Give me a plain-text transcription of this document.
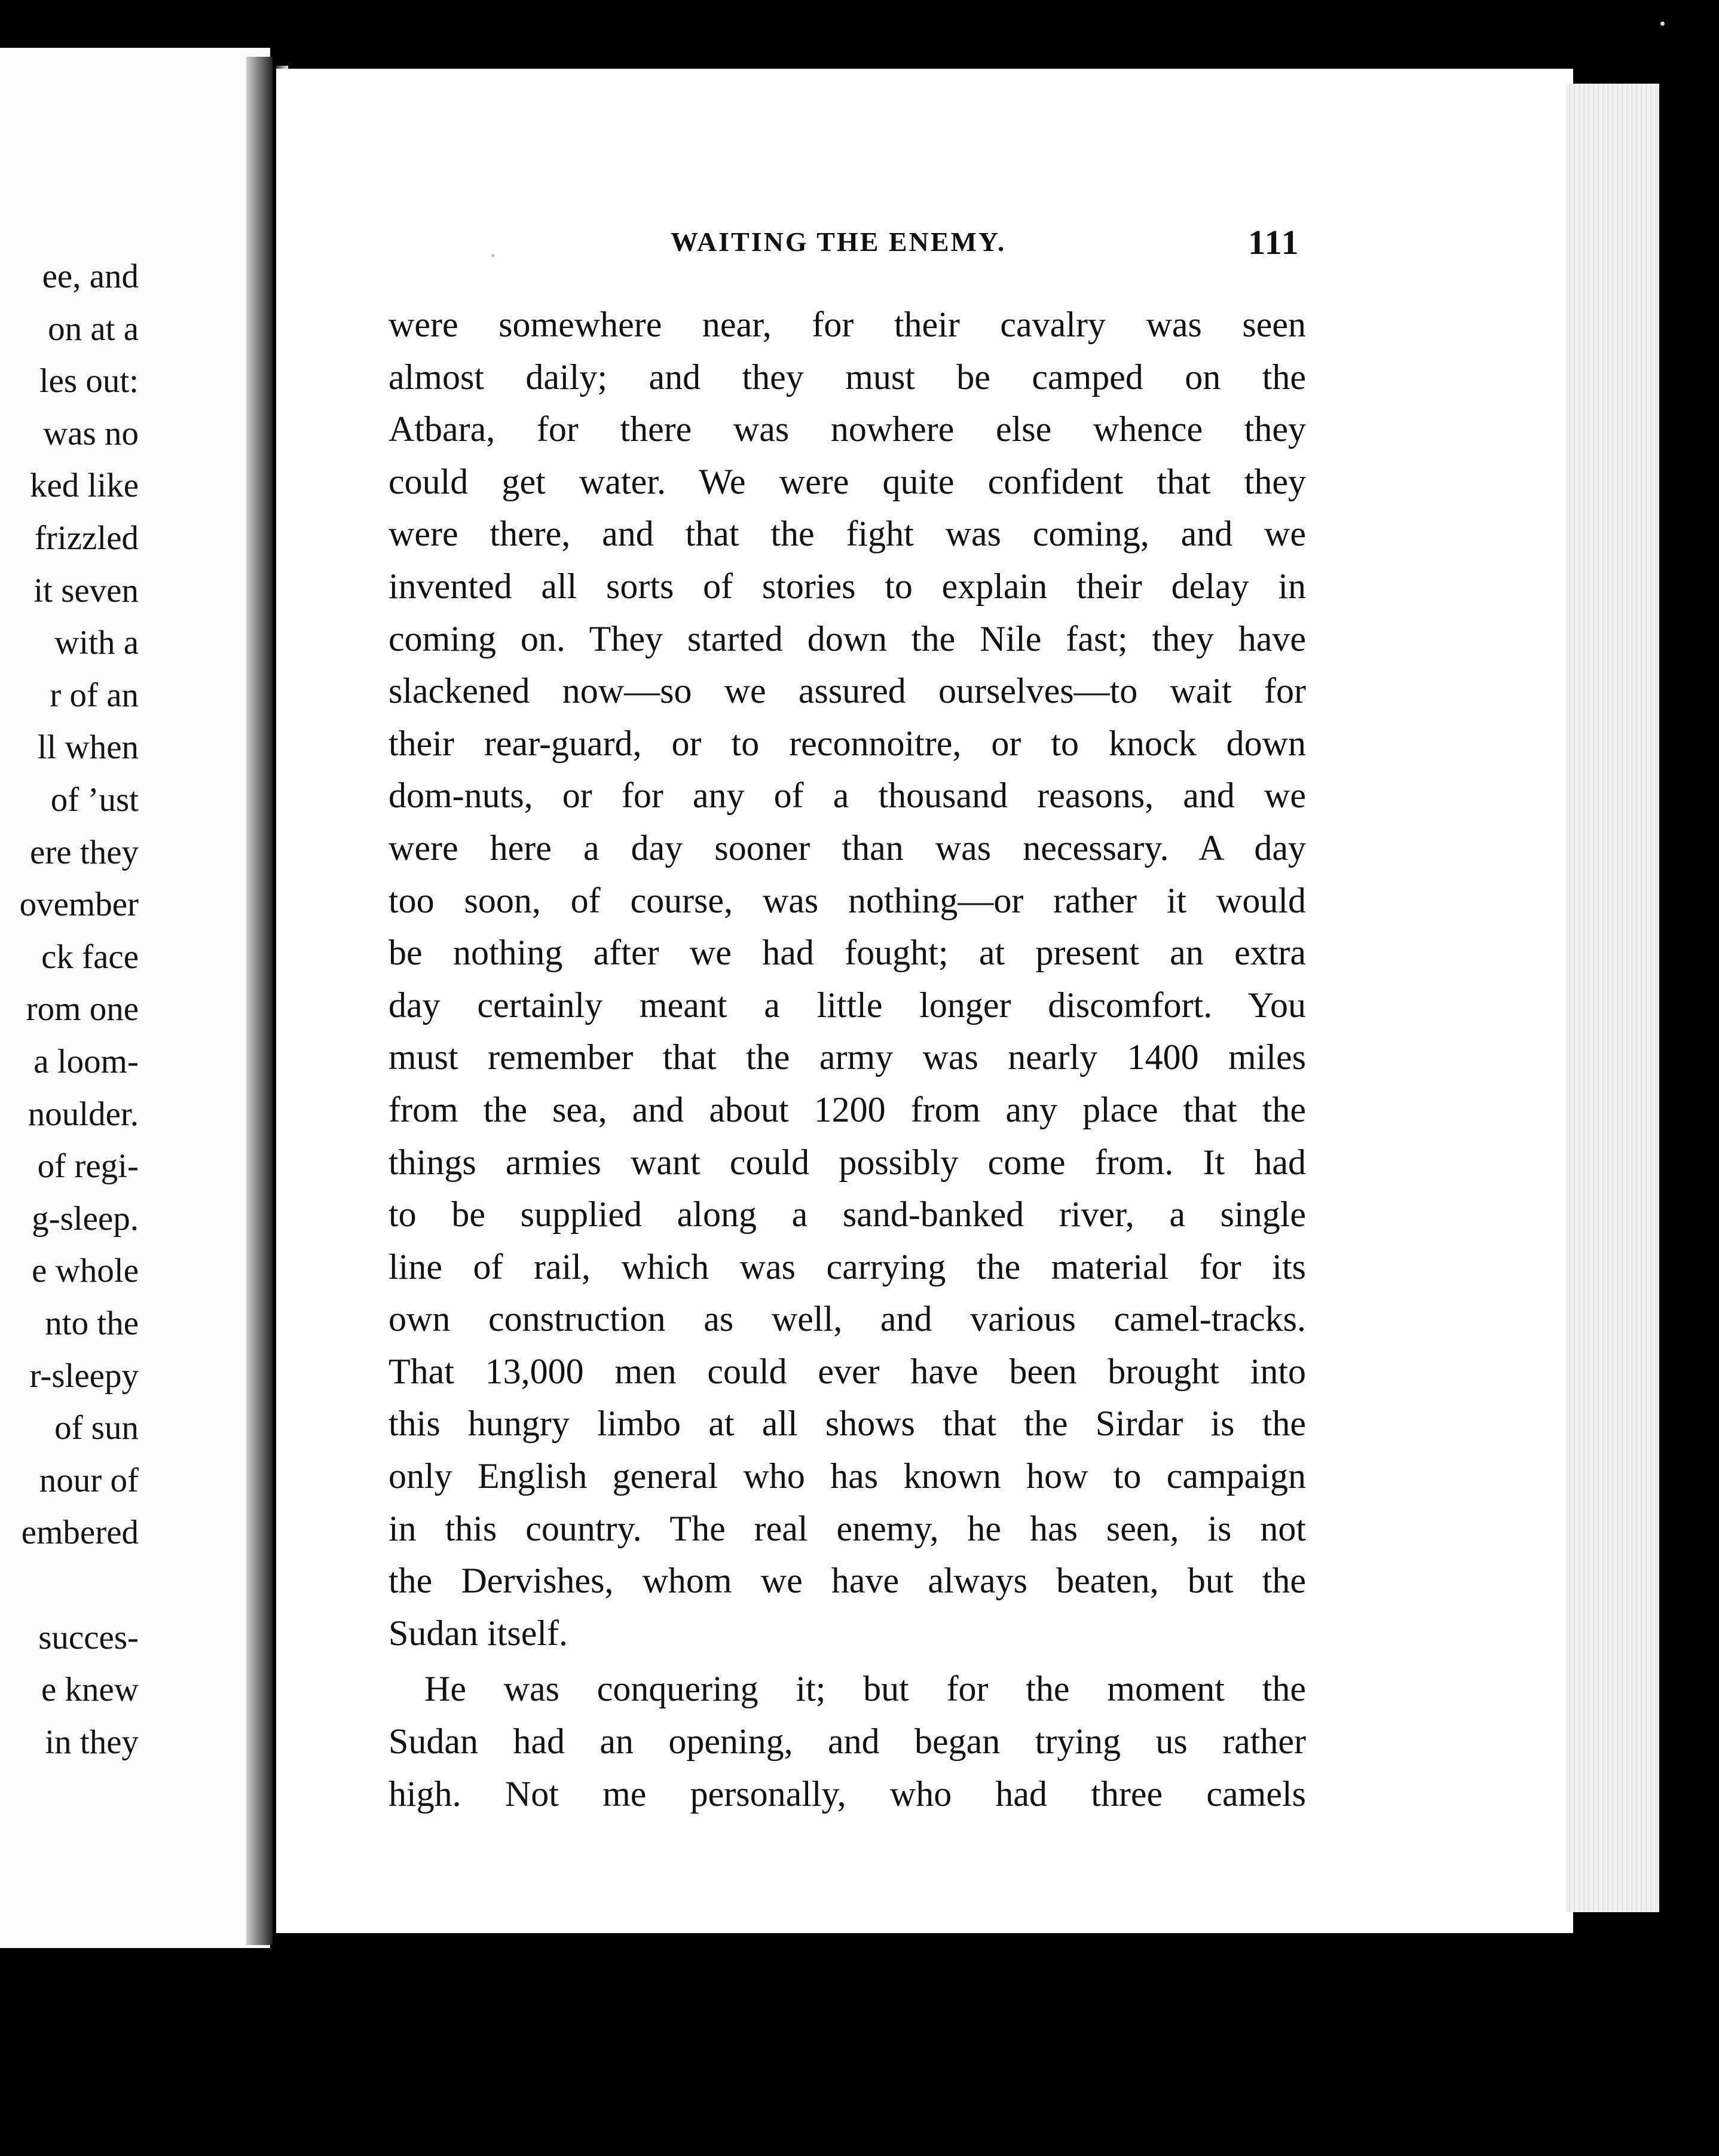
ee, and
on at a
les out:
was no
ked like
frizzled
it seven
with a
r of an
ll when
of ʼust
ere they
ovember
ck face
rom one
a loom-
noulder.
of regi-
g-sleep.
e whole
nto the
r-sleepy
of sun
nour of
embered
succes-
e knew
in they
WAITING THE ENEMY.	111
were somewhere near, for their cavalry was seen
almost daily; and they must be camped on the
Atbara, for there was nowhere else whence they
could get water. We were quite confident that they
were there, and that the fight was coming, and we
invented all sorts of stories to explain their delay in
coming on. They started down the Nile fast; they have
slackened now—so we assured ourselves—to wait for
their rear-guard, or to reconnoitre, or to knock down
dom-nuts, or for any of a thousand reasons, and we
were here a day sooner than was necessary. A day
too soon, of course, was nothing—or rather it would
be nothing after we had fought; at present an extra
day certainly meant a little longer discomfort. You
must remember that the army was nearly 1400 miles
from the sea, and about 1200 from any place that the
things armies want could possibly come from. It had
to be supplied along a sand-banked river, a single
line of rail, which was carrying the material for its
own construction as well, and various camel-tracks.
That 13,000 men could ever have been brought into
this hungry limbo at all shows that the Sirdar is the
only English general who has known how to campaign
in this country. The real enemy, he has seen, is not
the Dervishes, whom we have always beaten, but the
Sudan itself.
He was conquering it; but for the moment the
Sudan had an opening, and began trying us rather
high. Not me personally, who had three camels
